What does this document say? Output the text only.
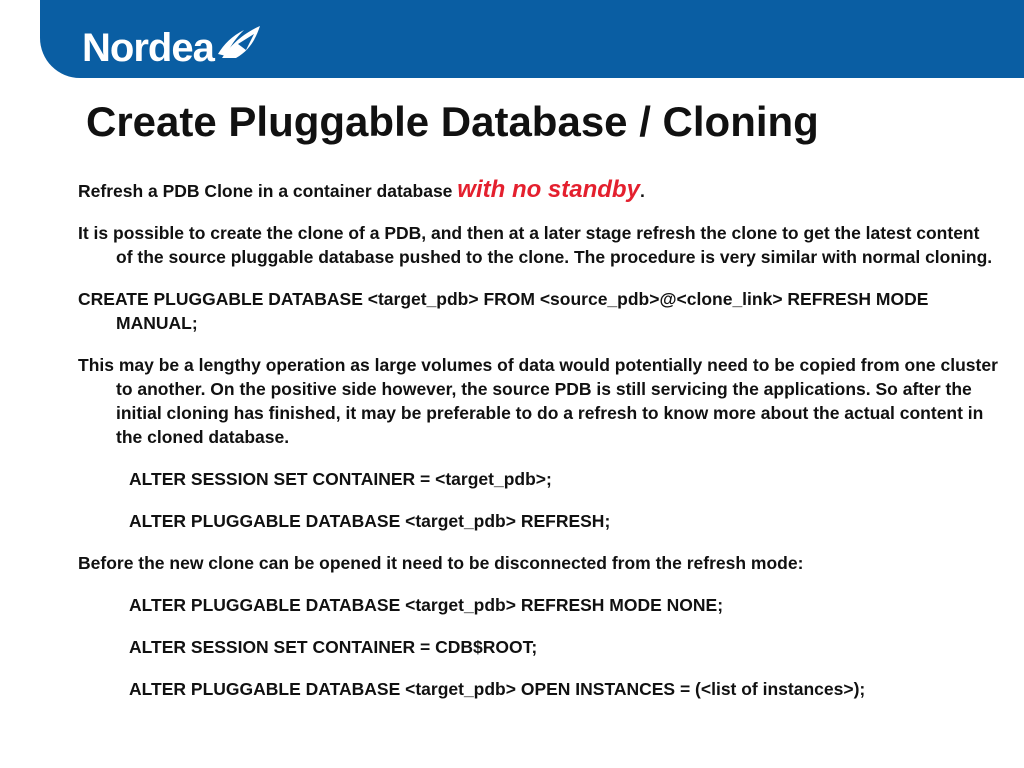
Nordea
Create Pluggable Database / Cloning

Refresh a PDB Clone in a container database with no standby.

It is possible to create the clone of a PDB, and then at a later stage refresh the clone to get the latest content of the source pluggable database pushed to the clone. The procedure is very similar with normal cloning.

CREATE PLUGGABLE DATABASE <target_pdb> FROM <source_pdb>@<clone_link> REFRESH MODE MANUAL;

This may be a lengthy operation as large volumes of data would potentially need to be copied from one cluster to another. On the positive side however, the source PDB is still servicing the applications. So after the initial cloning has finished, it may be preferable to do a refresh to know more about the actual content in the cloned database.

ALTER SESSION SET CONTAINER = <target_pdb>;

ALTER PLUGGABLE DATABASE <target_pdb> REFRESH;

Before the new clone can be opened it need to be disconnected from the refresh mode:

ALTER PLUGGABLE DATABASE <target_pdb> REFRESH MODE NONE;

ALTER SESSION SET CONTAINER = CDB$ROOT;

ALTER PLUGGABLE DATABASE <target_pdb> OPEN INSTANCES = (<list of instances>);
